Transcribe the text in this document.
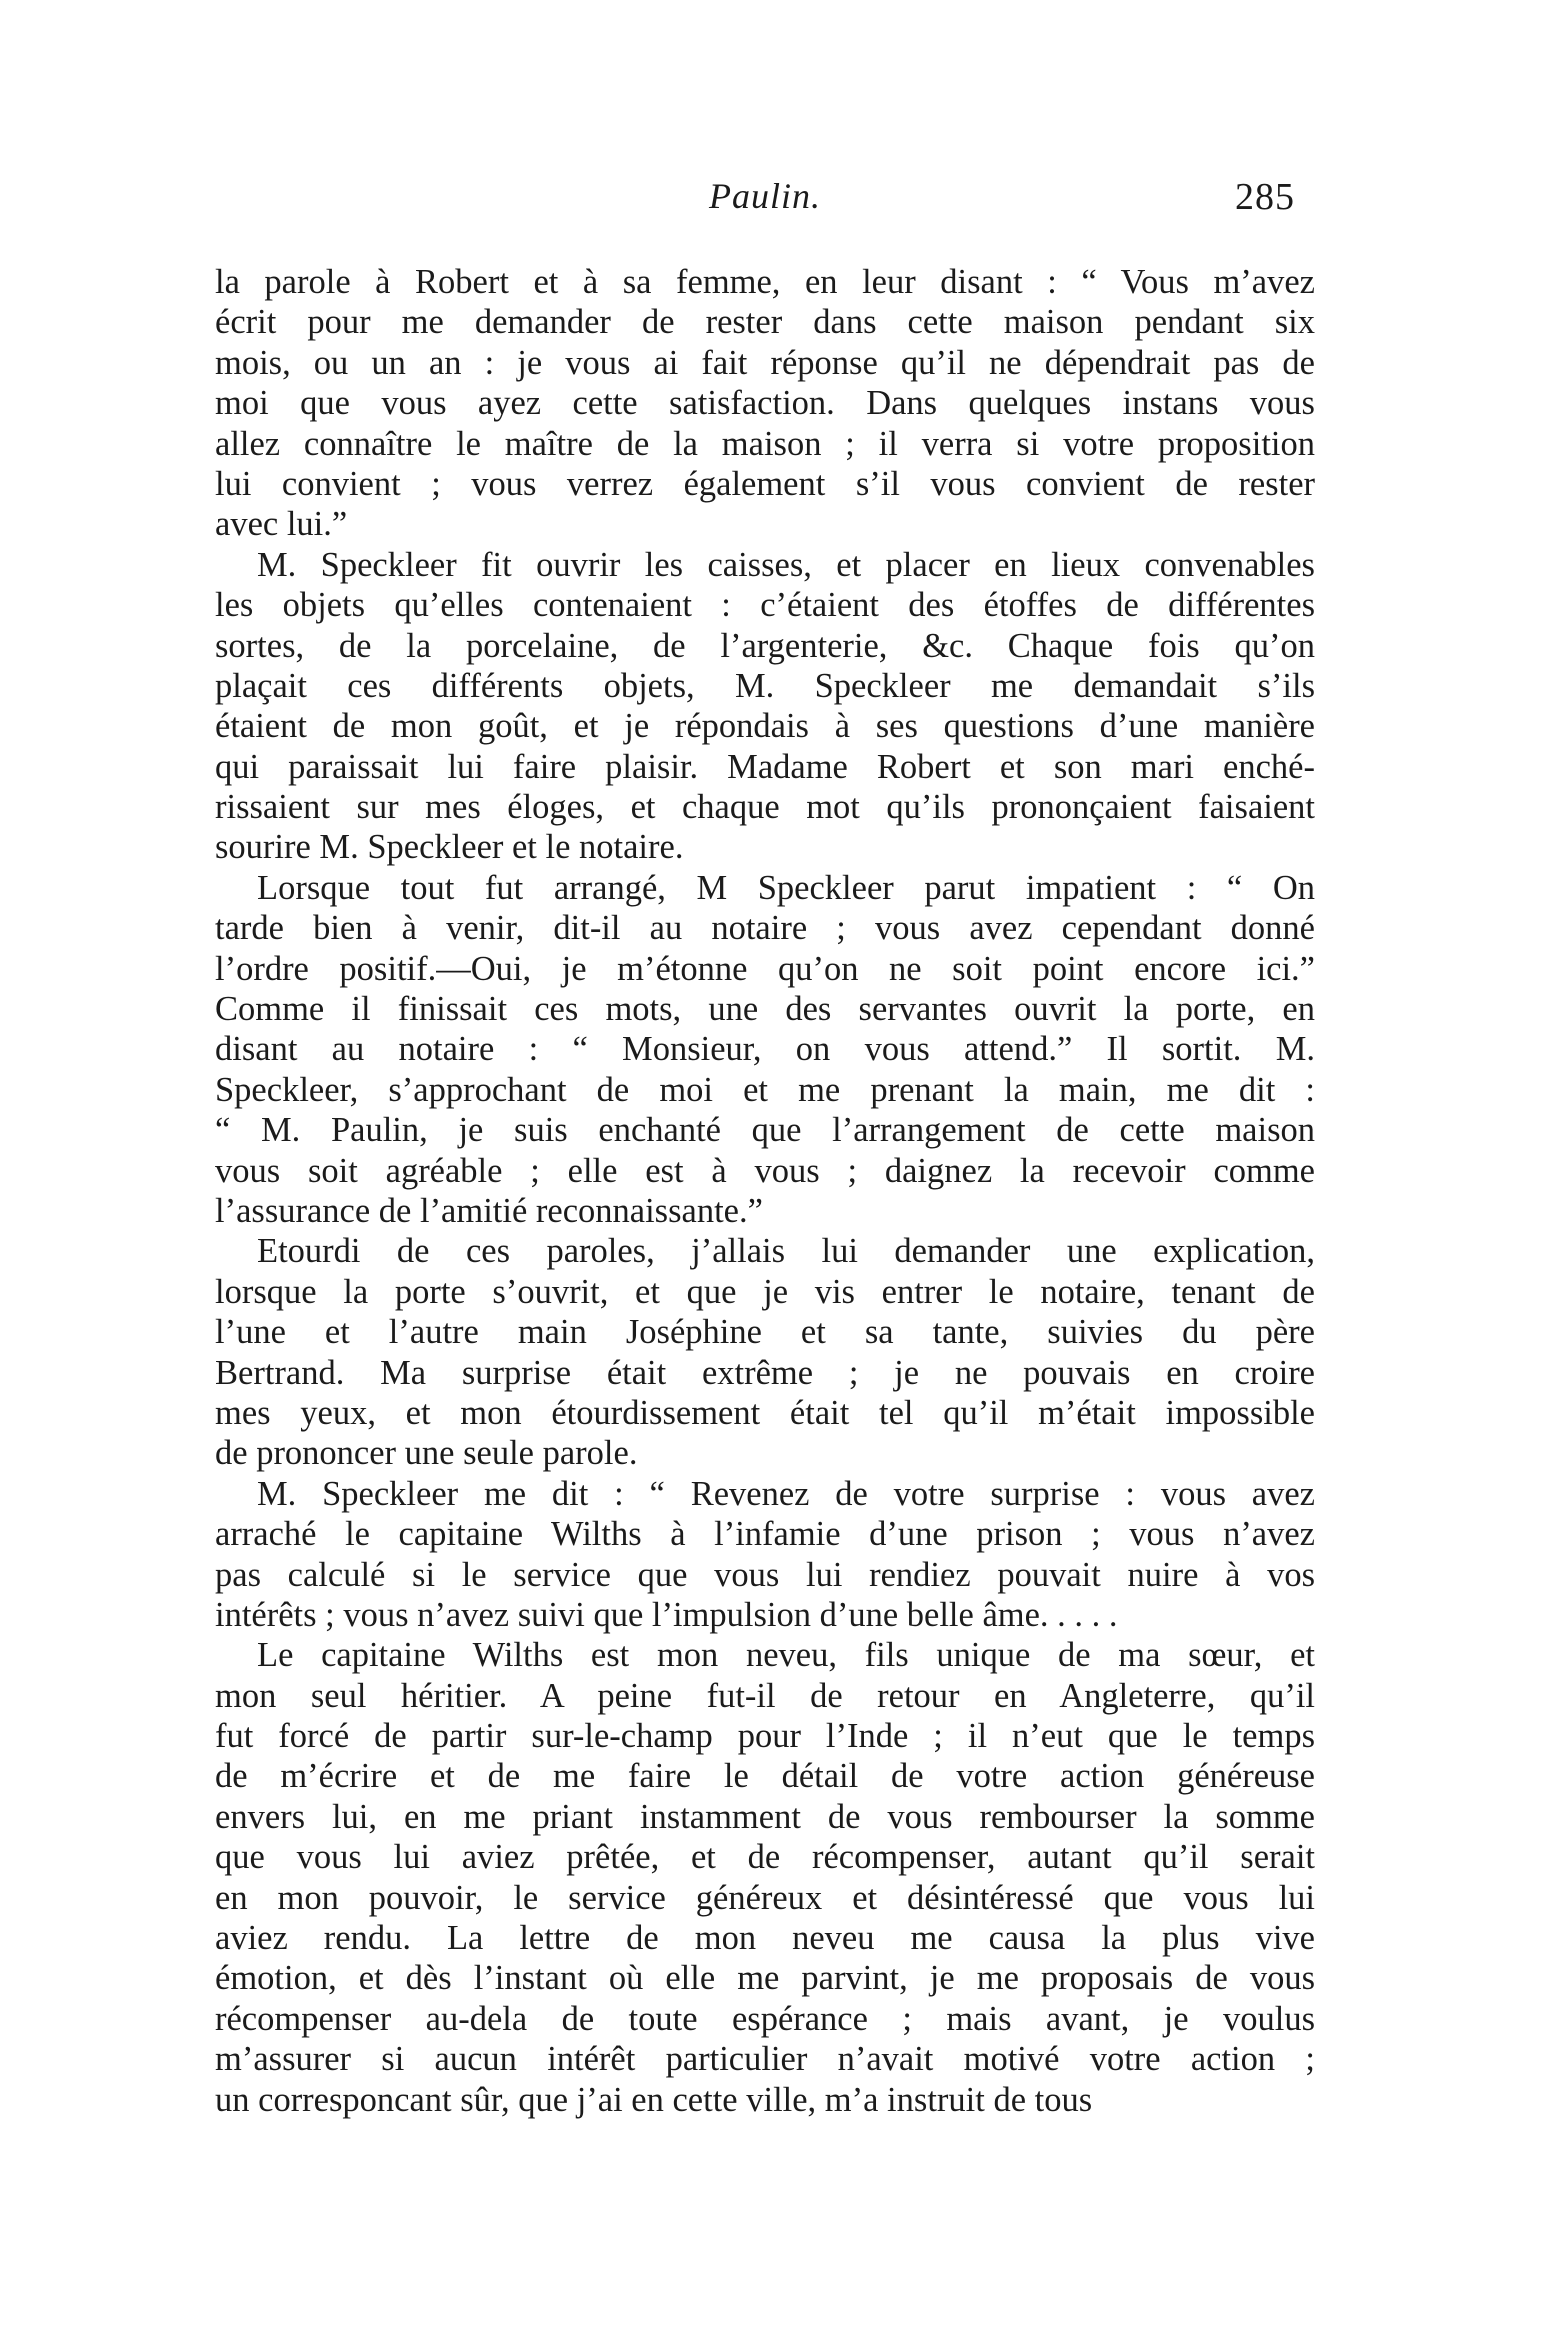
Paulin.	285
la parole à Robert et à sa femme, en leur disant : “ Vous m’avez
écrit pour me demander de rester dans cette maison pendant six
mois, ou un an : je vous ai fait réponse qu’il ne dépendrait pas de
moi que vous ayez cette satisfaction. Dans quelques instans vous
allez connaître le maître de la maison ; il verra si votre proposition
lui convient ; vous verrez également s’il vous convient de rester
avec lui.”
M. Speckleer fit ouvrir les caisses, et placer en lieux convenables
les objets qu’elles contenaient : c’étaient des étoffes de différentes
sortes, de la porcelaine, de l’argenterie, &c. Chaque fois qu’on
plaçait ces différents objets, M. Speckleer me demandait s’ils
étaient de mon goût, et je répondais à ses questions d’une manière
qui paraissait lui faire plaisir. Madame Robert et son mari enché-
rissaient sur mes éloges, et chaque mot qu’ils prononçaient faisaient
sourire M. Speckleer et le notaire.
Lorsque tout fut arrangé, M Speckleer parut impatient : “ On
tarde bien à venir, dit-il au notaire ; vous avez cependant donné
l’ordre positif.—Oui, je m’étonne qu’on ne soit point encore ici.”
Comme il finissait ces mots, une des servantes ouvrit la porte, en
disant au notaire : “ Monsieur, on vous attend.” Il sortit. M.
Speckleer, s’approchant de moi et me prenant la main, me dit :
“ M. Paulin, je suis enchanté que l’arrangement de cette maison
vous soit agréable ; elle est à vous ; daignez la recevoir comme
l’assurance de l’amitié reconnaissante.”
Etourdi de ces paroles, j’allais lui demander une explication,
lorsque la porte s’ouvrit, et que je vis entrer le notaire, tenant de
l’une et l’autre main Joséphine et sa tante, suivies du père
Bertrand. Ma surprise était extrême ; je ne pouvais en croire
mes yeux, et mon étourdissement était tel qu’il m’était impossible
de prononcer une seule parole.
M. Speckleer me dit : “ Revenez de votre surprise : vous avez
arraché le capitaine Wilths à l’infamie d’une prison ; vous n’avez
pas calculé si le service que vous lui rendiez pouvait nuire à vos
intérêts ; vous n’avez suivi que l’impulsion d’une belle âme. . . . .
Le capitaine Wilths est mon neveu, fils unique de ma sœur, et
mon seul héritier. A peine fut-il de retour en Angleterre, qu’il
fut forcé de partir sur-le-champ pour l’Inde ; il n’eut que le temps
de m’écrire et de me faire le détail de votre action généreuse
envers lui, en me priant instamment de vous rembourser la somme
que vous lui aviez prêtée, et de récompenser, autant qu’il serait
en mon pouvoir, le service généreux et désintéressé que vous lui
aviez rendu. La lettre de mon neveu me causa la plus vive
émotion, et dès l’instant où elle me parvint, je me proposais de vous
récompenser au-dela de toute espérance ; mais avant, je voulus
m’assurer si aucun intérêt particulier n’avait motivé votre action ;
un corresponcant sûr, que j’ai en cette ville, m’a instruit de tous
